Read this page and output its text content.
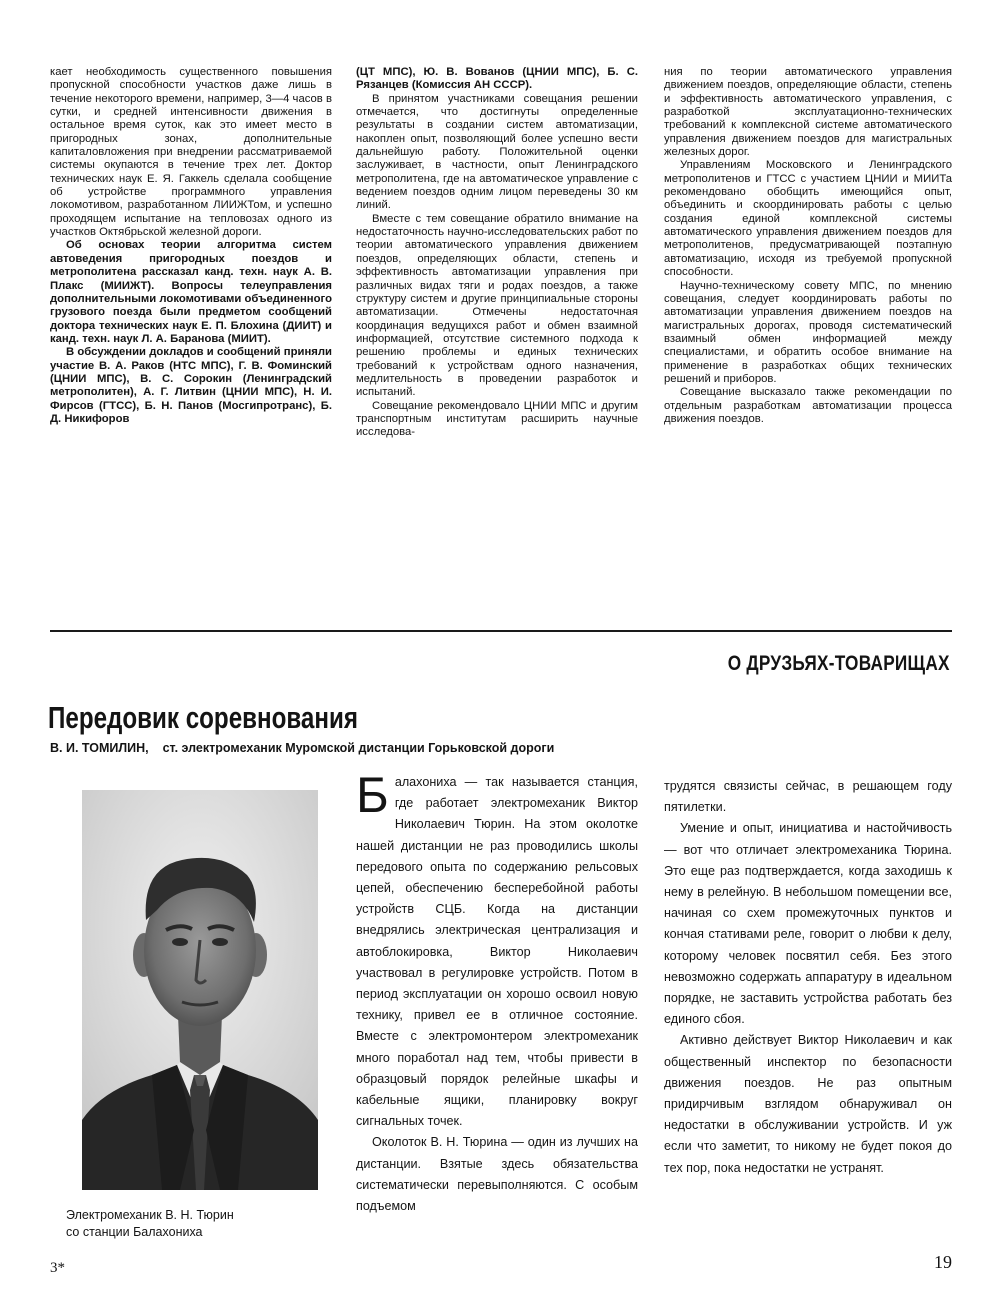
кает необходимость существенного повышения пропускной способности участков даже лишь в течение некоторого времени, например, 3—4 часов в сутки, и средней интенсивности движения в остальное время суток, как это имеет место в пригородных зонах, дополнительные капиталовложения при внедрении рассматриваемой системы окупаются в течение трех лет. Доктор технических наук Е. Я. Гаккель сделала сообщение об устройстве программного управления локомотивом, разработанном ЛИИЖТом, и успешно проходящем испытание на тепловозах одного из участков Октябрьской железной дороги.

Об основах теории алгоритма систем автоведения пригородных поездов и метрополитена рассказал канд. техн. наук А. В. Плакс (МИИЖТ). Вопросы телеуправления дополнительными локомотивами объединенного грузового поезда были предметом сообщений доктора технических наук Е. П. Блохина (ДИИТ) и канд. техн. наук Л. А. Баранова (МИИТ).

В обсуждении докладов и сообщений приняли участие В. А. Раков (НТС МПС), Г. В. Фоминский (ЦНИИ МПС), В. С. Сорокин (Ленинградский метрополитен), А. Г. Литвин (ЦНИИ МПС), Н. И. Фирсов (ГТСС), Б. Н. Панов (Мосгипротранс), Б. Д. Никифоров

(ЦТ МПС), Ю. В. Вованов (ЦНИИ МПС), Б. С. Рязанцев (Комиссия АН СССР).

В принятом участниками совещания решении отмечается, что достигнуты определенные результаты в создании систем автоматизации, накоплен опыт, позволяющий более успешно вести дальнейшую работу. Положительной оценки заслуживает, в частности, опыт Ленинградского метрополитена, где на автоматическое управление с ведением поездов одним лицом переведены 30 км линий.

Вместе с тем совещание обратило внимание на недостаточность научно-исследовательских работ по теории автоматического управления движением поездов, определяющих области, степень и эффективность автоматизации управления при различных видах тяги и родах поездов, а также структуру систем и другие принципиальные стороны автоматизации. Отмечены недостаточная координация ведущихся работ и обмен взаимной информацией, отсутствие системного подхода к решению проблемы и единых технических требований к устройствам одного назначения, медлительность в проведении разработок и испытаний.

Совещание рекомендовало ЦНИИ МПС и другим транспортным институтам расширить научные исследова-

ния по теории автоматического управления движением поездов, определяющие области, степень и эффективность автоматического управления, с разработкой эксплуатационно-технических требований к комплексной системе автоматического управления движением поездов для магистральных железных дорог.

Управлениям Московского и Ленинградского метрополитенов и ГТСС с участием ЦНИИ и МИИТа рекомендовано обобщить имеющийся опыт, объединить и скоординировать работы с целью создания единой комплексной системы автоматического управления движением поездов для метрополитенов, предусматривающей поэтапную автоматизацию, исходя из требуемой пропускной способности.

Научно-техническому совету МПС, по мнению совещания, следует координировать работы по автоматизации управления движением поездов на магистральных дорогах, проводя систематический взаимный обмен информацией между специалистами, и обратить особое внимание на применение в разработках общих технических решений и приборов.

Совещание высказало также рекомендации по отдельным разработкам автоматизации процесса движения поездов.

О ДРУЗЬЯХ-ТОВАРИЩАХ
Передовик соревнования
В. И. ТОМИЛИН, ст. электромеханик Муромской дистанции Горьковской дороги
Электромеханик В. Н. Тюрин
со станции Балахониха

Балахониха — так называется станция, где работает электромеханик Виктор Николаевич Тюрин. На этом околотке нашей дистанции не раз проводились школы передового опыта по содержанию рельсовых цепей, обеспечению бесперебойной работы устройств СЦБ. Когда на дистанции внедрялись электрическая централизация и автоблокировка, Виктор Николаевич участвовал в регулировке устройств. Потом в период эксплуатации он хорошо освоил новую технику, привел ее в отличное состояние. Вместе с электромонтером электромеханик много поработал над тем, чтобы привести в образцовый порядок релейные шкафы и кабельные ящики, планировку вокруг сигнальных точек.

Околоток В. Н. Тюрина — один из лучших на дистанции. Взятые здесь обязательства систематически перевыполняются. С особым подъемом

трудятся связисты сейчас, в решающем году пятилетки.

Умение и опыт, инициатива и настойчивость — вот что отличает электромеханика Тюрина. Это еще раз подтверждается, когда заходишь к нему в релейную. В небольшом помещении все, начиная со схем промежуточных пунктов и кончая стативами реле, говорит о любви к делу, которому человек посвятил себя. Без этого невозможно содержать аппаратуру в идеальном порядке, не заставить устройства работать без единого сбоя.

Активно действует Виктор Николаевич и как общественный инспектор по безопасности движения поездов. Не раз опытным придирчивым взглядом обнаруживал он недостатки в обслуживании устройств. И уж если что заметит, то никому не будет покоя до тех пор, пока недостатки не устранят.

3*	19
